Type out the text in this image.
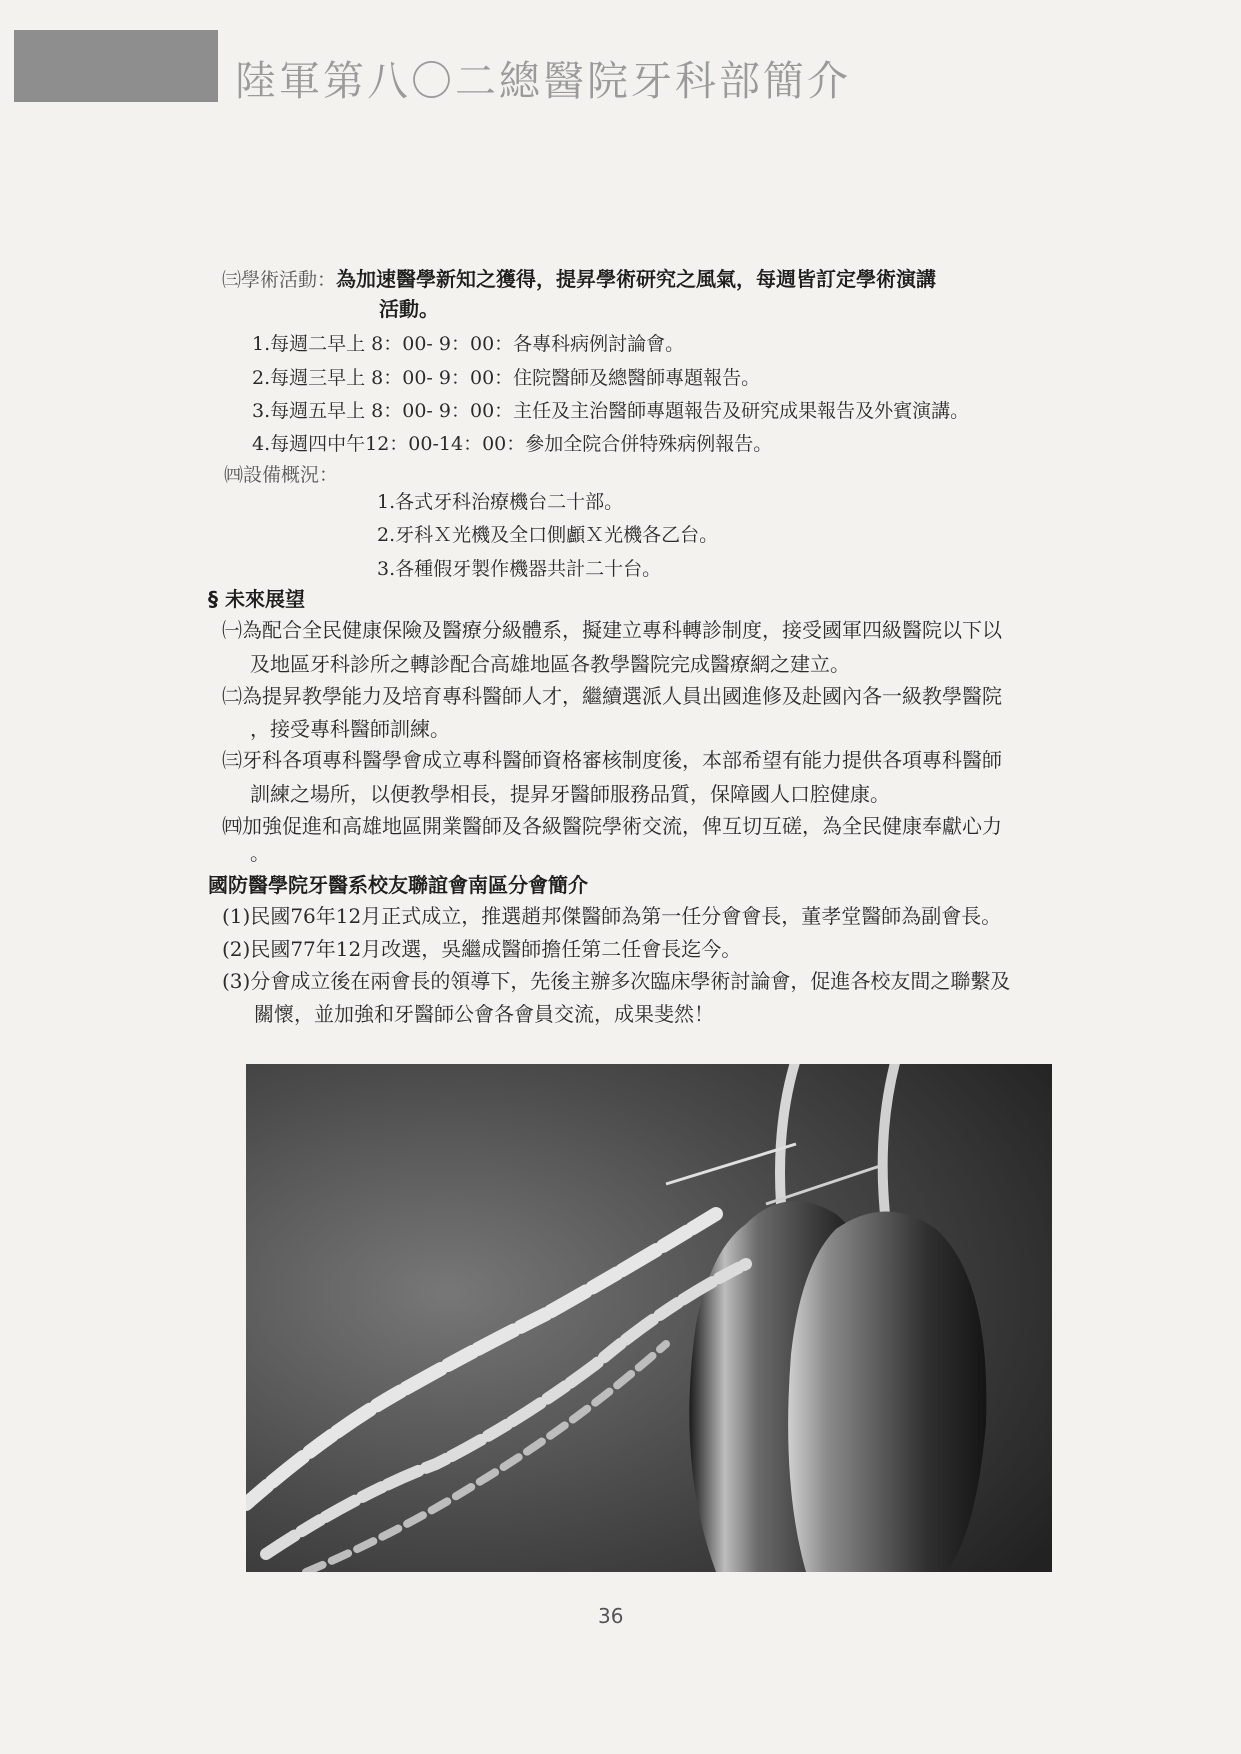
陸軍第八〇二總醫院牙科部簡介
㈢學術活動：為加速醫學新知之獲得，提昇學術研究之風氣，每週皆訂定學術演講
活動。
1.每週二早上 8：00- 9：00：各專科病例討論會。
2.每週三早上 8：00- 9：00：住院醫師及總醫師專題報告。
3.每週五早上 8：00- 9：00：主任及主治醫師專題報告及研究成果報告及外賓演講。
4.每週四中午12：00-14：00：參加全院合併特殊病例報告。
㈣設備概況：
1.各式牙科治療機台二十部。
2.牙科Ｘ光機及全口側顱Ｘ光機各乙台。
3.各種假牙製作機器共計二十台。
§ 未來展望
㈠為配合全民健康保險及醫療分級體系，擬建立專科轉診制度，接受國軍四級醫院以下以
及地區牙科診所之轉診配合高雄地區各教學醫院完成醫療網之建立。
㈡為提昇教學能力及培育專科醫師人才，繼續選派人員出國進修及赴國內各一級教學醫院
，接受專科醫師訓練。
㈢牙科各項專科醫學會成立專科醫師資格審核制度後，本部希望有能力提供各項專科醫師
訓練之場所，以便教學相長，提昇牙醫師服務品質，保障國人口腔健康。
㈣加強促進和高雄地區開業醫師及各級醫院學術交流，俾互切互磋，為全民健康奉獻心力
。
國防醫學院牙醫系校友聯誼會南區分會簡介
(1)民國76年12月正式成立，推選趙邦傑醫師為第一任分會會長，董孝堂醫師為副會長。
(2)民國77年12月改選，吳繼成醫師擔任第二任會長迄今。
(3)分會成立後在兩會長的領導下，先後主辦多次臨床學術討論會，促進各校友間之聯繫及
關懷，並加強和牙醫師公會各會員交流，成果斐然！
36
